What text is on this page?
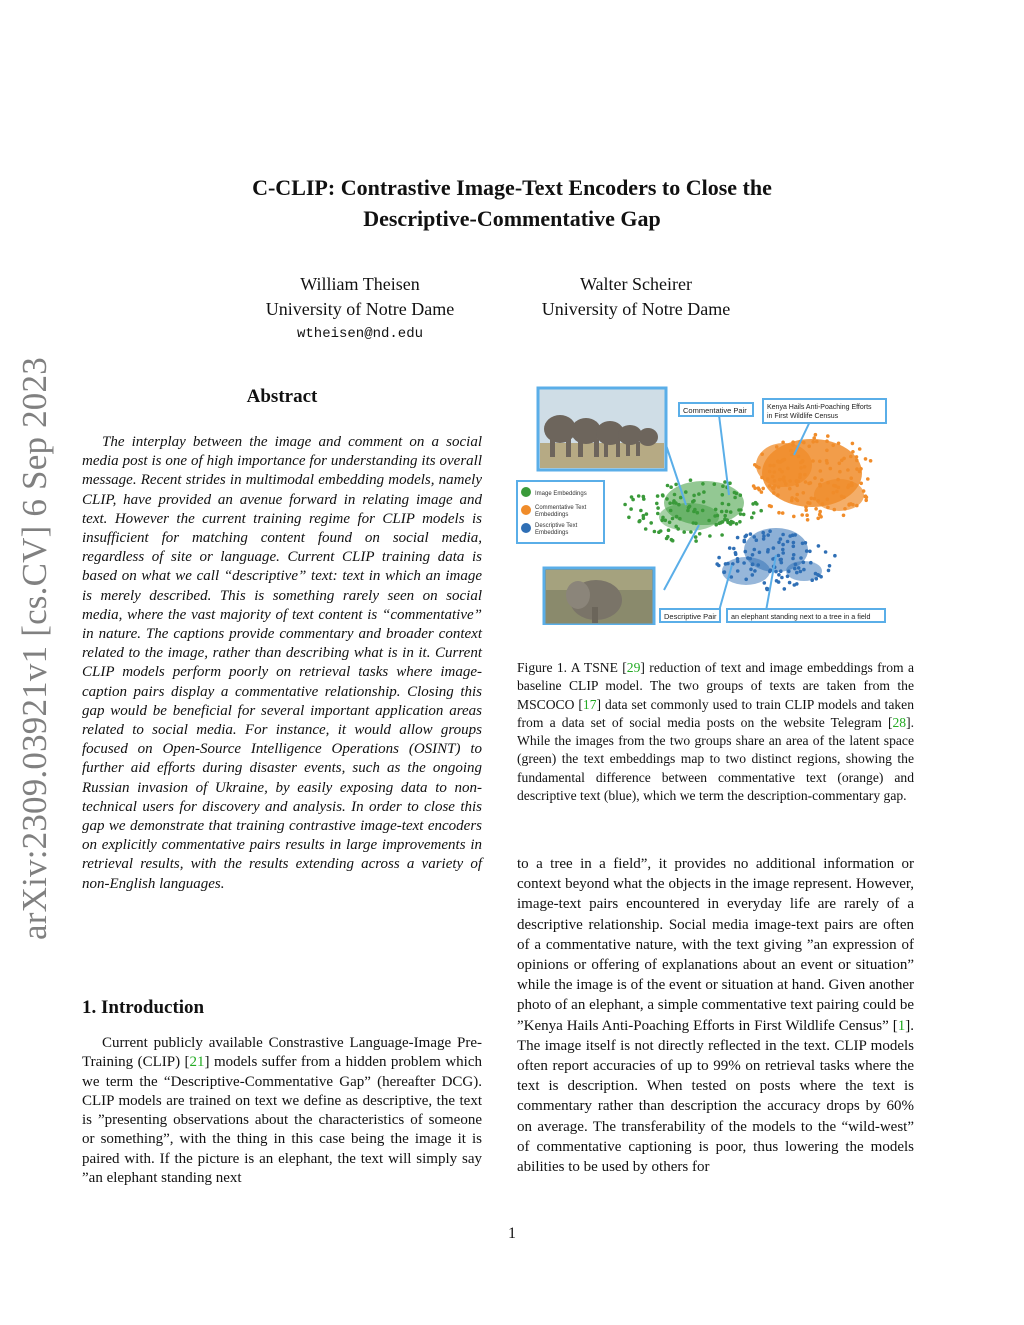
arXiv:2309.03921v1 [cs.CV] 6 Sep 2023
C-CLIP: Contrastive Image-Text Encoders to Close the
Descriptive-Commentative Gap
William Theisen
University of Notre Dame
wtheisen@nd.edu
Walter Scheirer
University of Notre Dame
Abstract

The interplay between the image and comment on a social media post is one of high importance for understanding its overall message. Recent strides in multimodal embedding models, namely CLIP, have provided an avenue forward in relating image and text. However the current training regime for CLIP models is insufficient for matching content found on social media, regardless of site or language. Current CLIP training data is based on what we call “descriptive” text: text in which an image is merely described. This is something rarely seen on social media, where the vast majority of text content is “commentative” in nature. The captions provide commentary and broader context related to the image, rather than describing what is in it. Current CLIP models perform poorly on retrieval tasks where image-caption pairs display a commentative relationship. Closing this gap would be beneficial for several important application areas related to social media. For instance, it would allow groups focused on Open-Source Intelligence Operations (OSINT) to further aid efforts during disaster events, such as the ongoing Russian invasion of Ukraine, by easily exposing data to non-technical users for discovery and analysis. In order to close this gap we demonstrate that training contrastive image-text encoders on explicitly commentative pairs results in large improvements in retrieval results, with the results extending across a variety of non-English languages.

1. Introduction

Current publicly available Constrastive Language-Image Pre-Training (CLIP) [21] models suffer from a hidden problem which we term the “Descriptive-Commentative Gap” (hereafter DCG). CLIP models are trained on text we define as descriptive, the text is ”presenting observations about the characteristics of someone or something”, with the thing in this case being the image it is paired with. If the picture is an elephant, the text will simply say ”an elephant standing next

Image Embeddings
Commentative Text
Embeddings
Descriptive Text
Embeddings
Commentative Pair	Kenya Hails Anti-Poaching Efforts
in First Wildlife Census
Descriptive Pair an elephant standing next to a tree in a field

Figure 1. A TSNE [29] reduction of text and image embeddings from a baseline CLIP model. The two groups of texts are taken from the MSCOCO [17] data set commonly used to train CLIP models and taken from a data set of social media posts on the website Telegram [28]. While the images from the two groups share an area of the latent space (green) the text embeddings map to two distinct regions, showing the fundamental difference between commentative text (orange) and descriptive text (blue), which we term the description-commentary gap.

to a tree in a field”, it provides no additional information or context beyond what the objects in the image represent. However, image-text pairs encountered in everyday life are rarely of a descriptive relationship. Social media image-text pairs are often of a commentative nature, with the text giving ”an expression of opinions or offering of explanations about an event or situation” while the image is of the event or situation at hand. Given another photo of an elephant, a simple commentative text pairing could be ”Kenya Hails Anti-Poaching Efforts in First Wildlife Census” [1]. The image itself is not directly reflected in the text. CLIP models often report accuracies of up to 99% on retrieval tasks where the text is description. When tested on posts where the text is commentary rather than description the accuracy drops by 60% on average. The transferability of the models to the “wild-west” of commentative captioning is poor, thus lowering the models abilities to be used by others for

1
